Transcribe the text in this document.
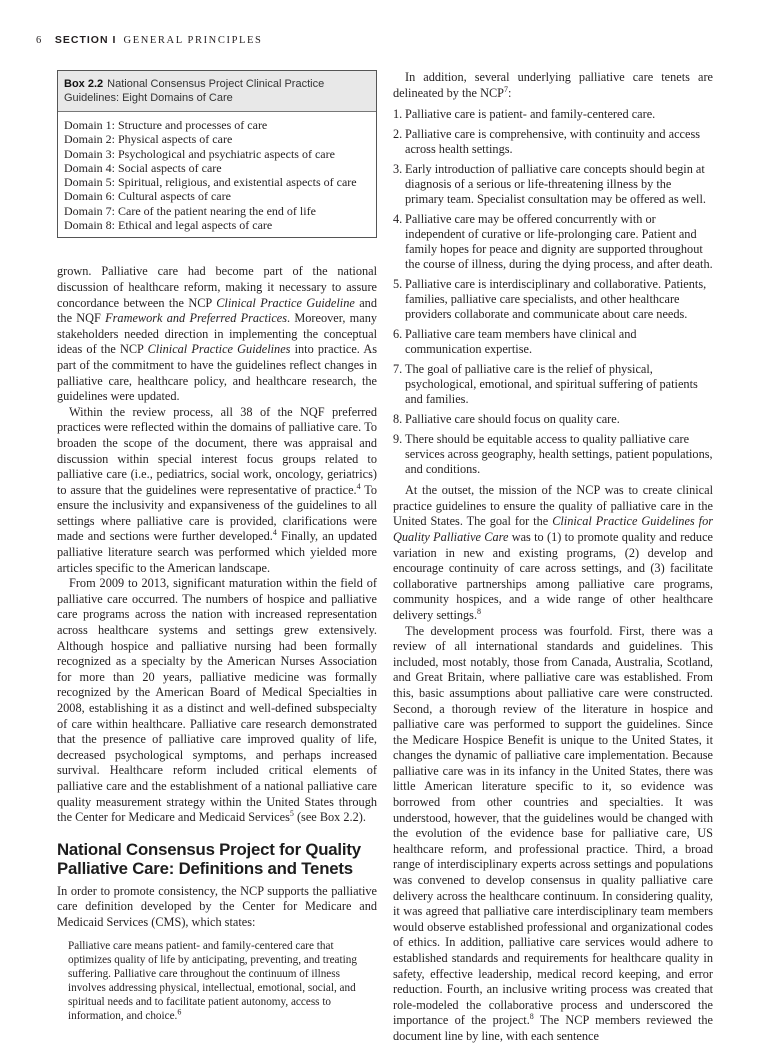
6 SECTION I GENERAL PRINCIPLES
Box 2.2 National Consensus Project Clinical Practice Guidelines: Eight Domains of Care
Domain 1: Structure and processes of care
Domain 2: Physical aspects of care
Domain 3: Psychological and psychiatric aspects of care
Domain 4: Social aspects of care
Domain 5: Spiritual, religious, and existential aspects of care
Domain 6: Cultural aspects of care
Domain 7: Care of the patient nearing the end of life
Domain 8: Ethical and legal aspects of care

grown. Palliative care had become part of the national discussion of healthcare reform, making it necessary to assure concordance between the NCP Clinical Practice Guideline and the NQF Framework and Preferred Practices. Moreover, many stakeholders needed direction in implementing the conceptual ideas of the NCP Clinical Practice Guidelines into practice. As part of the commitment to have the guidelines reflect changes in palliative care, healthcare policy, and healthcare research, the guidelines were updated.

Within the review process, all 38 of the NQF preferred practices were reflected within the domains of palliative care. To broaden the scope of the document, there was appraisal and discussion within special interest focus groups related to palliative care (i.e., pediatrics, social work, oncology, geriatrics) to assure that the guidelines were representative of practice.$^4$ To ensure the inclusivity and expansiveness of the guidelines to all settings where palliative care is provided, clarifications were made and sections were further developed.$^4$ Finally, an updated palliative literature search was performed which yielded more articles specific to the American landscape.

From 2009 to 2013, significant maturation within the field of palliative care occurred. The numbers of hospice and palliative care programs across the nation with increased representation across healthcare systems and settings grew extensively. Although hospice and palliative nursing had been formally recognized as a specialty by the American Nurses Association for more than 20 years, palliative medicine was formally recognized by the American Board of Medical Specialties in 2008, establishing it as a distinct and well-defined subspecialty of care within healthcare. Palliative care research demonstrated that the presence of palliative care improved quality of life, decreased psychological symptoms, and perhaps increased survival. Healthcare reform included critical elements of palliative care and the establishment of a national palliative care quality measurement strategy within the United States through the Center for Medicare and Medicaid Services$^5$ (see Box 2.2).

National Consensus Project for Quality Palliative Care: Definitions and Tenets

In order to promote consistency, the NCP supports the palliative care definition developed by the Center for Medicare and Medicaid Services (CMS), which states:

Palliative care means patient- and family-centered care that optimizes quality of life by anticipating, preventing, and treating suffering. Palliative care throughout the continuum of illness involves addressing physical, intellectual, emotional, social, and spiritual needs and to facilitate patient autonomy, access to information, and choice.$^6$

In addition, several underlying palliative care tenets are delineated by the NCP$^7$:

1. Palliative care is patient- and family-centered care.
2. Palliative care is comprehensive, with continuity and access across health settings.
3. Early introduction of palliative care concepts should begin at diagnosis of a serious or life-threatening illness by the primary team. Specialist consultation may be offered as well.
4. Palliative care may be offered concurrently with or independent of curative or life-prolonging care. Patient and family hopes for peace and dignity are supported throughout the course of illness, during the dying process, and after death.
5. Palliative care is interdisciplinary and collaborative. Patients, families, palliative care specialists, and other healthcare providers collaborate and communicate about care needs.
6. Palliative care team members have clinical and communication expertise.
7. The goal of palliative care is the relief of physical, psychological, emotional, and spiritual suffering of patients and families.
8. Palliative care should focus on quality care.
9. There should be equitable access to quality palliative care services across geography, health settings, patient populations, and conditions.

At the outset, the mission of the NCP was to create clinical practice guidelines to ensure the quality of palliative care in the United States. The goal for the Clinical Practice Guidelines for Quality Palliative Care was to (1) to promote quality and reduce variation in new and existing programs, (2) develop and encourage continuity of care across settings, and (3) facilitate collaborative partnerships among palliative care programs, community hospices, and a wide range of other healthcare delivery settings.$^8$

The development process was fourfold. First, there was a review of all international standards and guidelines. This included, most notably, those from Canada, Australia, Scotland, and Great Britain, where palliative care was established. From this, basic assumptions about palliative care were constructed. Second, a thorough review of the literature in hospice and palliative care was performed to support the guidelines. Since the Medicare Hospice Benefit is unique to the United States, it changes the dynamic of palliative care implementation. Because palliative care was in its infancy in the United States, there was little American literature specific to it, so evidence was borrowed from other countries and specialties. It was understood, however, that the guidelines would be changed with the evolution of the evidence base for palliative care, US healthcare reform, and professional practice. Third, a broad range of interdisciplinary experts across settings and populations was convened to develop consensus in quality palliative care delivery across the healthcare continuum. In considering quality, it was agreed that palliative care interdisciplinary team members would observe established professional and organizational codes of ethics. In addition, palliative care services would adhere to established standards and requirements for healthcare quality in safety, effective leadership, medical record keeping, and error reduction. Fourth, an inclusive writing process was created that role-modeled the collaborative process and underscored the importance of the project.$^8$ The NCP members reviewed the document line by line, with each sentence
